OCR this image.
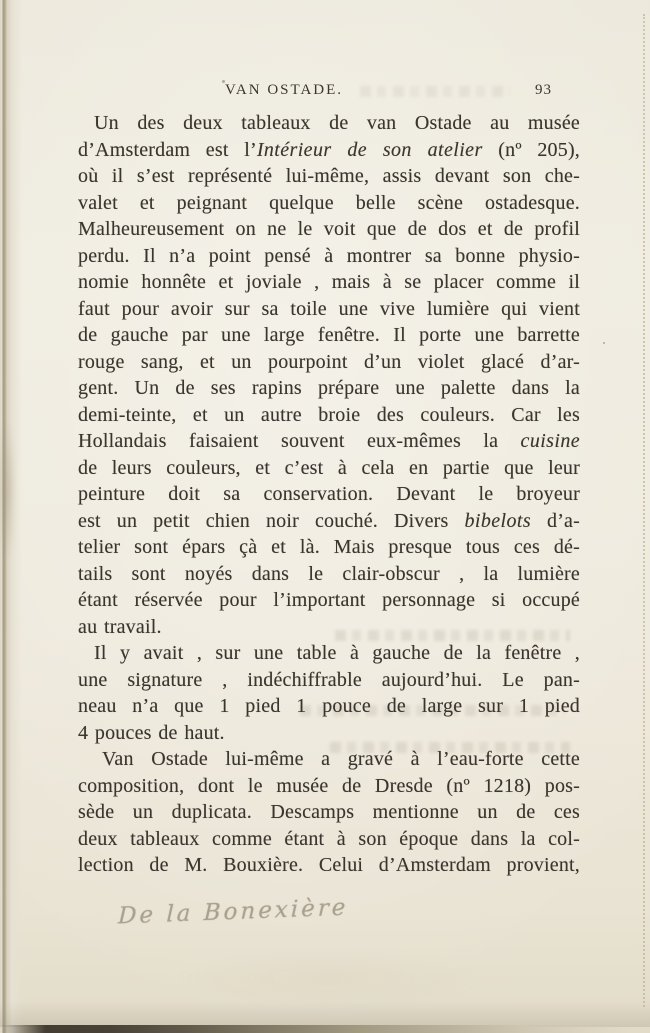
VAN OSTADE.	93
Un des deux tableaux de van Ostade au musée
d’Amsterdam est l’Intérieur de son atelier (nº 205),
où il s’est représenté lui-même, assis devant son che-
valet et peignant quelque belle scène ostadesque.
Malheureusement on ne le voit que de dos et de profil
perdu. Il n’a point pensé à montrer sa bonne physio-
nomie honnête et joviale , mais à se placer comme il
faut pour avoir sur sa toile une vive lumière qui vient
de gauche par une large fenêtre. Il porte une barrette
rouge sang, et un pourpoint d’un violet glacé d’ar-
gent. Un de ses rapins prépare une palette dans la
demi-teinte, et un autre broie des couleurs. Car les
Hollandais faisaient souvent eux-mêmes la cuisine
de leurs couleurs, et c’est à cela en partie que leur
peinture doit sa conservation. Devant le broyeur
est un petit chien noir couché. Divers bibelots d’a-
telier sont épars çà et là. Mais presque tous ces dé-
tails sont noyés dans le clair-obscur , la lumière
étant réservée pour l’important personnage si occupé
au travail.
Il y avait , sur une table à gauche de la fenêtre ,
une signature , indéchiffrable aujourd’hui. Le pan-
neau n’a que 1 pied 1 pouce de large sur 1 pied
4 pouces de haut.
Van Ostade lui-même a gravé à l’eau-forte cette
composition, dont le musée de Dresde (nº 1218) pos-
sède un duplicata. Descamps mentionne un de ces
deux tableaux comme étant à son époque dans la col-
lection de M. Bouxière. Celui d’Amsterdam provient,
De la Bonexière
